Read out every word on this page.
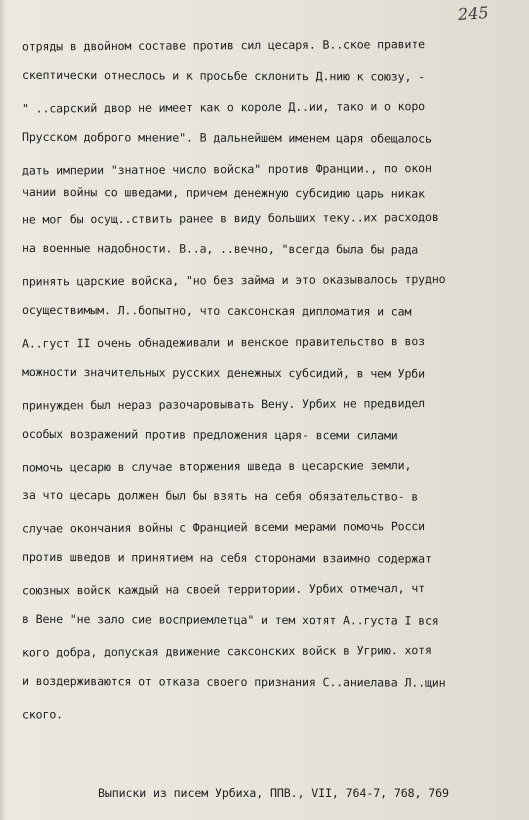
245
отряды в двойном составе против сил цесаря. В..ское правите
скептически отнеслось и к просьбе склонить Д.нию к союзу, -
" ..сарский двор не имеет как о короле Д..ии, тако и о коро
Прусском доброго мнение". В дальнейшем именем царя обещалось
дать империи "знатное число войска" против Франции., по окон
чании войны со шведами, причем денежную субсидию царь никак
не мог бы осущ..ствить ранее в виду больших теку..их расходов
на военные надобности. В..а, ..вечно, "всегда была бы рада
принять царские войска, "но без займа и это оказывалось трудно
осуществимым. Л..бопытно, что саксонская дипломатия и сам
А..густ II очень обнадеживали и венское правительство в воз
можности значительных русских денежных субсидий, в чем Урби
принужден был нераз разочаровывать Вену. Урбих не предвидел
особых возражений против предложения царя- всеми силами
помочь цесарю в случае вторжения шведа в цесарские земли,
за что цесарь должен был бы взять на себя обязательство- в
случае окончания войны с Францией всеми мерами помочь Росси
против шведов и принятием на себя сторонами взаимно содержат
союзных войск каждый на своей территории. Урбих отмечал, чт
в Вене "не зало сие восприемлетца" и тем хотят А..густа I вся
кого добра, допуская движение саксонских войск в Угрию. хотя
и воздерживаются от отказа своего признания С..аниелава Л..щин
ского.
Выписки из писем Урбиха, ППВ., VII, 764-7, 768, 769
